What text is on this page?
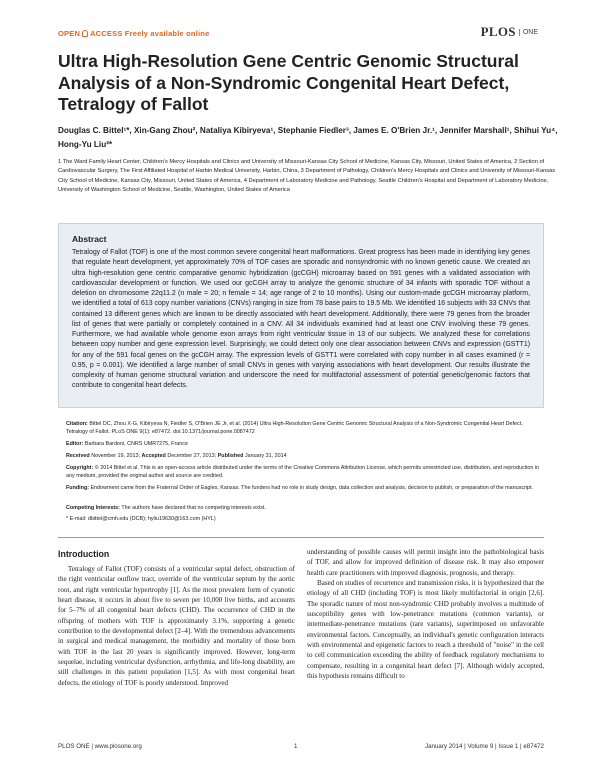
OPEN ACCESS Freely available online	PLOS	ONE
Ultra High-Resolution Gene Centric Genomic Structural Analysis of a Non-Syndromic Congenital Heart Defect, Tetralogy of Fallot
Douglas C. Bittel¹*, Xin-Gang Zhou², Nataliya Kibiryeva¹, Stephanie Fiedler³, James E. O'Brien Jr.¹, Jennifer Marshall¹, Shihui Yu⁴, Hong-Yu Liu²*
1 The Ward Family Heart Center, Children's Mercy Hospitals and Clinics and University of Missouri-Kansas City School of Medicine, Kansas City, Missouri, United States of America, 2 Section of Cardiovascular Surgery, The First Affiliated Hospital of Harbin Medical University, Harbin, China, 3 Department of Pathology, Children's Mercy Hospitals and Clinics and University of Missouri-Kansas City School of Medicine, Kansas City, Missouri, United States of America, 4 Department of Laboratory Medicine and Pathology, Seattle Children's Hospital and Department of Laboratory Medicine, University of Washington School of Medicine, Seattle, Washington, United States of America
Abstract

Tetralogy of Fallot (TOF) is one of the most common severe congenital heart malformations. Great progress has been made in identifying key genes that regulate heart development, yet approximately 70% of TOF cases are sporadic and nonsyndromic with no known genetic cause. We created an ultra high-resolution gene centric comparative genomic hybridization (gcCGH) microarray based on 591 genes with a validated association with cardiovascular development or function. We used our gcCGH array to analyze the genomic structure of 34 infants with sporadic TOF without a deletion on chromosome 22q11.2 (n male = 20; n female = 14; age range of 2 to 10 months). Using our custom-made gcCGH microarray platform, we identified a total of 613 copy number variations (CNVs) ranging in size from 78 base pairs to 19.5 Mb. We identified 16 subjects with 33 CNVs that contained 13 different genes which are known to be directly associated with heart development. Additionally, there were 79 genes from the broader list of genes that were partially or completely contained in a CNV. All 34 individuals examined had at least one CNV involving these 79 genes. Furthermore, we had available whole genome exon arrays from right ventricular tissue in 13 of our subjects. We analyzed these for correlations between copy number and gene expression level. Surprisingly, we could detect only one clear association between CNVs and expression (GSTT1) for any of the 591 focal genes on the gcCGH array. The expression levels of GSTT1 were correlated with copy number in all cases examined (r = 0.95, p = 0.001). We identified a large number of small CNVs in genes with varying associations with heart development. Our results illustrate the complexity of human genome structural variation and underscore the need for multifactorial assessment of potential genetic/genomic factors that contribute to congenital heart defects.

Citation: Bittel DC, Zhou X-G, Kibiryeva N, Fiedler S, O'Brien JE Jr, et al. (2014) Ultra High-Resolution Gene Centric Genomic Structural Analysis of a Non-Syndromic Congenital Heart Defect, Tetralogy of Fallot. PLoS ONE 9(1): e87472. doi:10.1371/journal.pone.0087472
Editor: Barbara Bardoni, CNRS UMR7275, France
Received November 19, 2013; Accepted December 27, 2013; Published January 31, 2014
Copyright: © 2014 Bittel et al. This is an open-access article distributed under the terms of the Creative Commons Attribution License, which permits unrestricted use, distribution, and reproduction in any medium, provided the original author and source are credited.
Funding: Endowment came from the Fraternal Order of Eagles, Kansas. The funders had no role in study design, data collection and analysis, decision to publish, or preparation of the manuscript.
Competing Interests: The authors have declared that no competing interests exist.
* E-mail: dbittel@cmh.edu (DCB); hyliu19630@163.com (HYL)
Introduction

Tetralogy of Fallot (TOF) consists of a ventricular septal defect, obstruction of the right ventricular outflow tract, override of the ventricular septum by the aortic root, and right ventricular hypertrophy [1]. As the most prevalent form of cyanotic heart disease, it occurs in about five to seven per 10,000 live births, and accounts for 5–7% of all congenital heart defects (CHD). The occurrence of CHD in the offspring of mothers with TOF is approximately 3.1%, supporting a genetic contribution to the developmental defect [2–4]. With the tremendous advancements in surgical and medical management, the morbidity and mortality of those born with TOF in the last 20 years is significantly improved. However, long-term sequelae, including ventricular dysfunction, arrhythmia, and life-long disability, are still challenges in this patient population [1,5]. As with most congenital heart defects, the etiology of TOF is poorly understood. Improved

understanding of possible causes will permit insight into the pathobiological basis of TOF, and allow for improved definition of disease risk. It may also empower health care practitioners with improved diagnosis, prognosis, and therapy.

Based on studies of recurrence and transmission risks, it is hypothesized that the etiology of all CHD (including TOF) is most likely multifactorial in origin [2,6]. The sporadic nature of most non-syndromic CHD probably involves a multitude of susceptibility genes with low-penetrance mutations (common variants), or intermediate-penetrance mutations (rare variants), superimposed on unfavorable environmental factors. Conceptually, an individual's genetic configuration interacts with environmental and epigenetic factors to reach a threshold of "noise" in the cell to cell communication exceeding the ability of feedback regulatory mechanisms to compensate, resulting in a congenital heart defect [7]. Although widely accepted, this hypothesis remains difficult to

PLOS ONE | www.plosone.org	1	January 2014 | Volume 9 | Issue 1 | e87472
